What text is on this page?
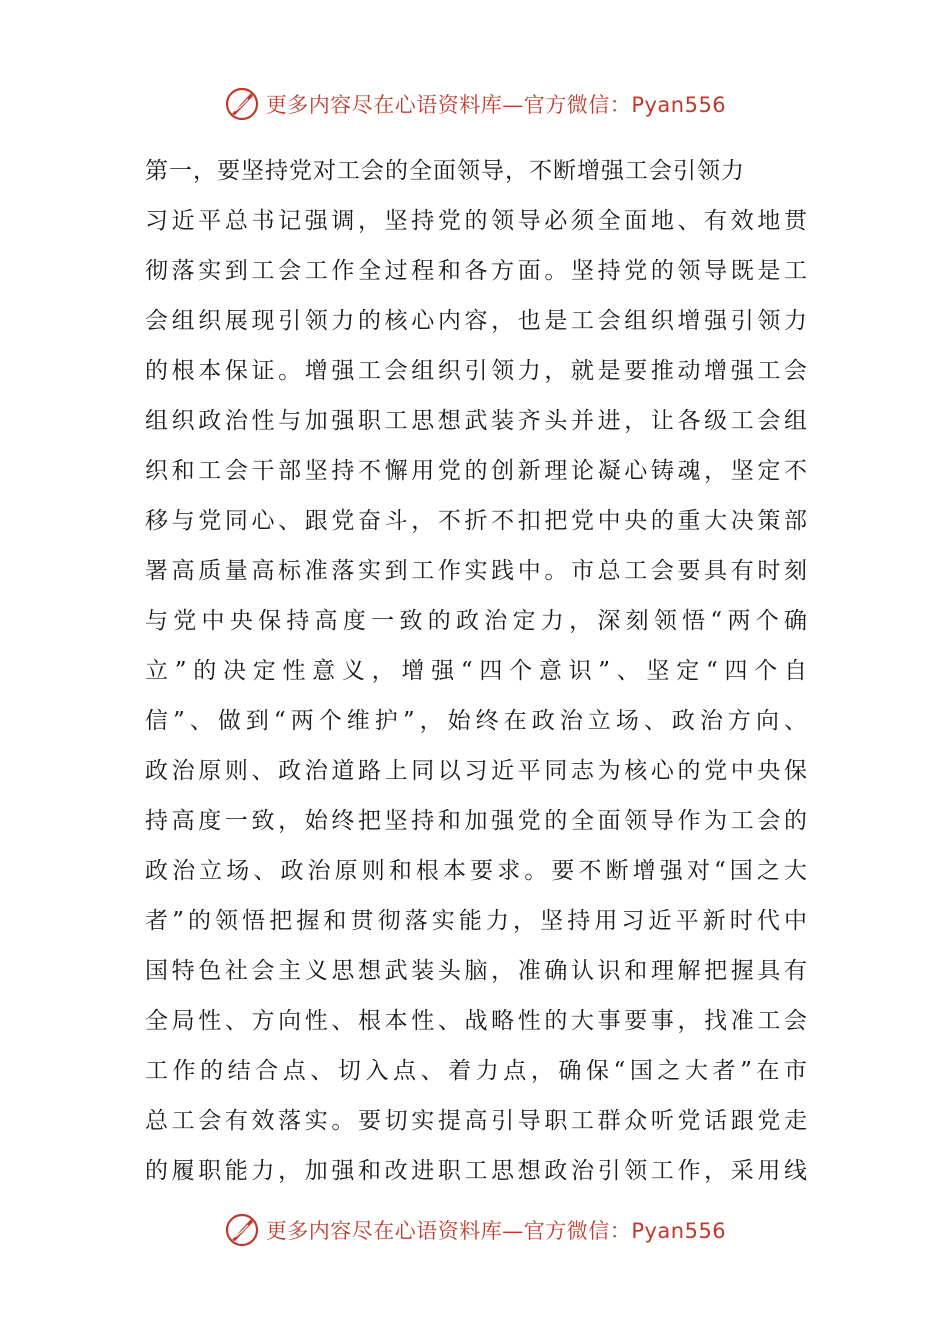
更多内容尽在心语资料库—官方微信：Pyan556
第一，要坚持党对工会的全面领导，不断增强工会引领力
习近平总书记强调，坚持党的领导必须全面地、有效地贯
彻落实到工会工作全过程和各方面。坚持党的领导既是工
会组织展现引领力的核心内容，也是工会组织增强引领力
的根本保证。增强工会组织引领力，就是要推动增强工会
组织政治性与加强职工思想武装齐头并进，让各级工会组
织和工会干部坚持不懈用党的创新理论凝心铸魂，坚定不
移与党同心、跟党奋斗，不折不扣把党中央的重大决策部
署高质量高标准落实到工作实践中。市总工会要具有时刻
与党中央保持高度一致的政治定力，深刻领悟“两个确
立”的决定性意义，增强“四个意识”、坚定“四个自
信”、做到“两个维护”，始终在政治立场、政治方向、
政治原则、政治道路上同以习近平同志为核心的党中央保
持高度一致，始终把坚持和加强党的全面领导作为工会的
政治立场、政治原则和根本要求。要不断增强对“国之大
者”的领悟把握和贯彻落实能力，坚持用习近平新时代中
国特色社会主义思想武装头脑，准确认识和理解把握具有
全局性、方向性、根本性、战略性的大事要事，找准工会
工作的结合点、切入点、着力点，确保“国之大者”在市
总工会有效落实。要切实提高引导职工群众听党话跟党走
的履职能力，加强和改进职工思想政治引领工作，采用线
更多内容尽在心语资料库—官方微信：Pyan556
